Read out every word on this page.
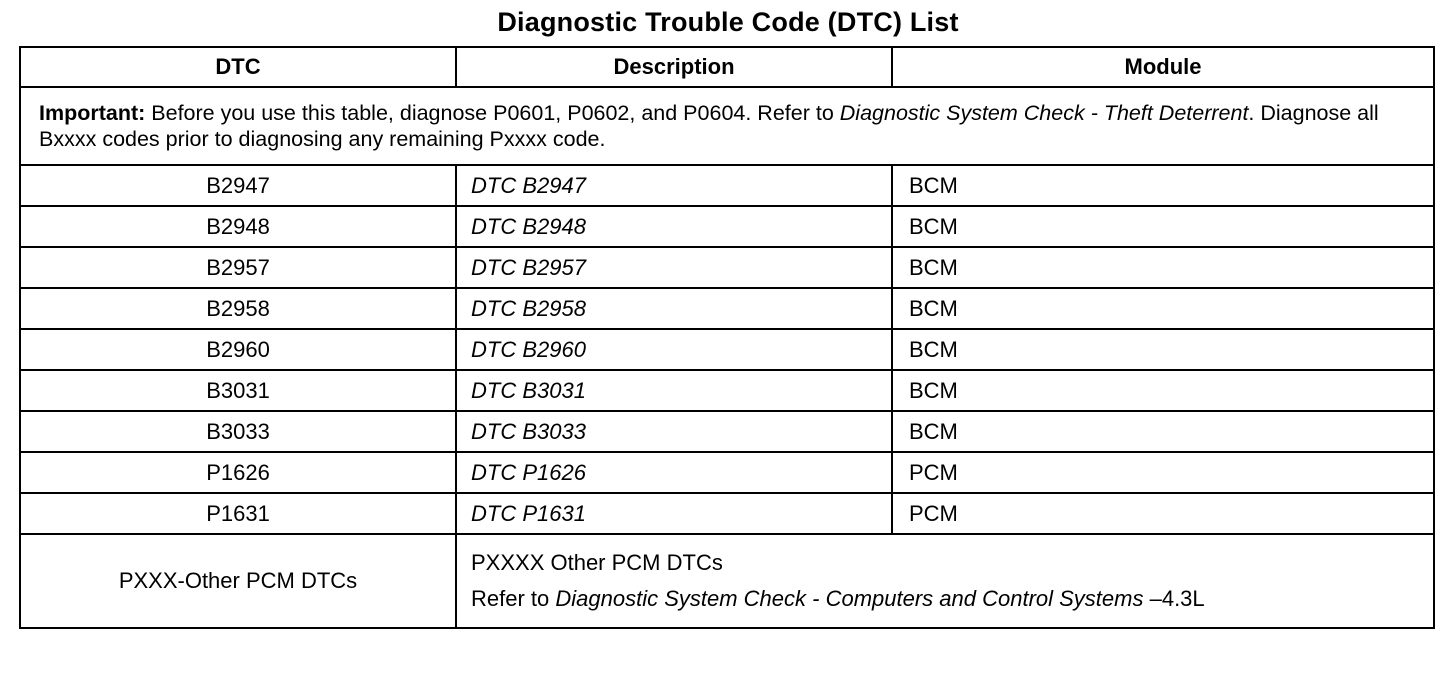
Diagnostic Trouble Code (DTC) List
DTC	Description	Module
Important: Before you use this table, diagnose P0601, P0602, and P0604. Refer to Diagnostic System Check - Theft Deterrent. Diagnose all Bxxxx codes prior to diagnosing any remaining Pxxxx code.		
B2947	DTC B2947	BCM
B2948	DTC B2948	BCM
B2957	DTC B2957	BCM
B2958	DTC B2958	BCM
B2960	DTC B2960	BCM
B3031	DTC B3031	BCM
B3033	DTC B3033	BCM
P1626	DTC P1626	PCM
P1631	DTC P1631	PCM
PXXX-Other PCM DTCs	PXXXX Other PCM DTCs
Refer to Diagnostic System Check - Computers and Control Systems –4.3L	
